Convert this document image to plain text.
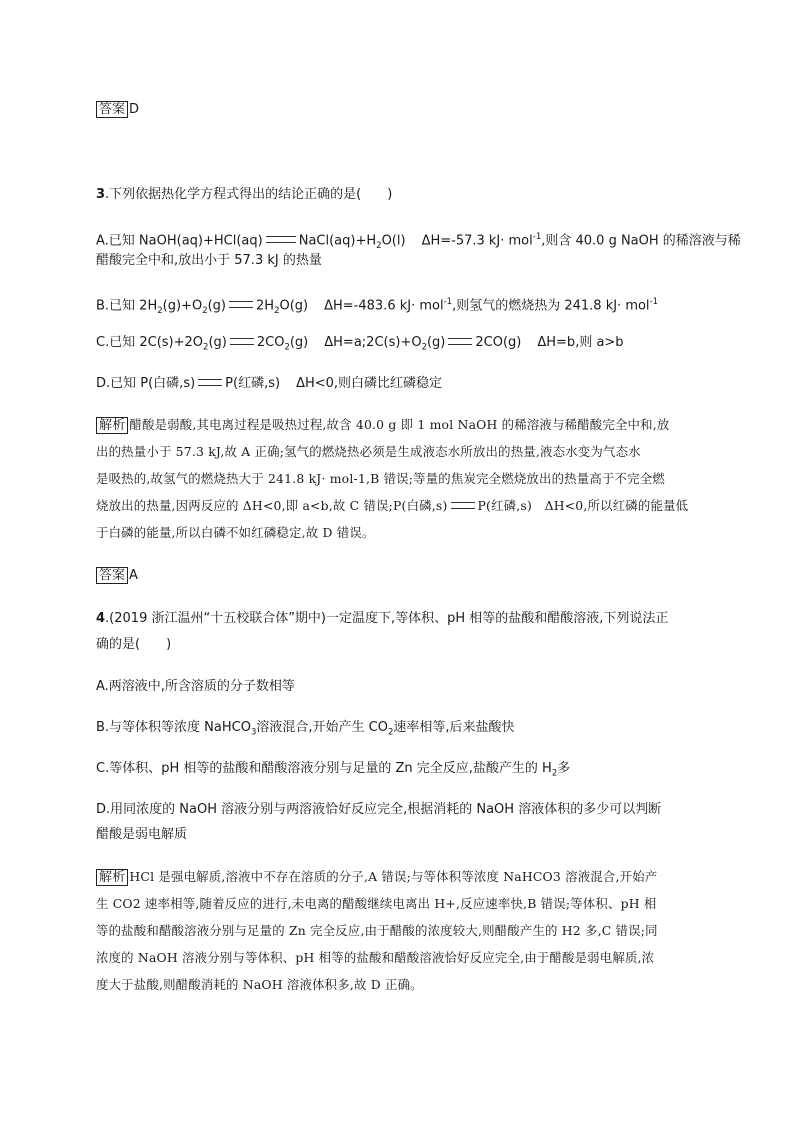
答案 D
3.下列依据热化学方程式得出的结论正确的是(　　)
A.已知 NaOH(aq)+HCl(aq)	$NaCl(aq)+H_2O(l)$ ΔH=-57.3 kJ· mol$^{-1}$,则含 40.0 g NaOH 的稀溶液与稀
醋酸完全中和,放出小于 57.3 kJ 的热量
B.已知 $2H_2(g)+O_2(g)$ $2H_2O(g)$ ΔH=-483.6 kJ· mol$^{-1}$,则氢气的燃烧热为 241.8 kJ· mol$^{-1}$
C.已知 $2C(s)+2O_2(g)$ $2CO_2(g)$ $\Delta H=a;2C(s)+O_2(g)$ 2CO(g) ΔH=b,则 a>b
D.已知 P(白磷,s) P(红磷,s) ΔH<0,则白磷比红磷稳定
解析 醋酸是弱酸,其电离过程是吸热过程,故含 40.0 g 即 1 mol NaOH 的稀溶液与稀醋酸完全中和,放
出的热量小于 57.3 kJ,故 A 正确;氢气的燃烧热必须是生成液态水所放出的热量,液态水变为气态水
是吸热的,故氢气的燃烧热大于 241.8 kJ· mol-1,B 错误;等量的焦炭完全燃烧放出的热量高于不完全燃
烧放出的热量,因两反应的 ΔH<0,即 a<b,故 C 错误;P(白磷,s) P(红磷,s)　ΔH<0,所以红磷的能量低
于白磷的能量,所以白磷不如红磷稳定,故 D 错误。
答案 A
4.(2019 浙江温州“十五校联合体”期中)一定温度下,等体积、pH 相等的盐酸和醋酸溶液,下列说法正
确的是(　　)
A.两溶液中,所含溶质的分子数相等
B.与等体积等浓度 NaHCO$_3$溶液混合,开始产生 $CO_2$速率相等,后来盐酸快
C.等体积、pH 相等的盐酸和醋酸溶液分别与足量的 Zn 完全反应,盐酸产生的 $H_2$多
D.用同浓度的 NaOH 溶液分别与两溶液恰好反应完全,根据消耗的 NaOH 溶液体积的多少可以判断
醋酸是弱电解质
解析 HCl 是强电解质,溶液中不存在溶质的分子,A 错误;与等体积等浓度 NaHCO3 溶液混合,开始产
生 CO2 速率相等,随着反应的进行,未电离的醋酸继续电离出 H+,反应速率快,B 错误;等体积、pH 相
等的盐酸和醋酸溶液分别与足量的 Zn 完全反应,由于醋酸的浓度较大,则醋酸产生的 H2 多,C 错误;同
浓度的 NaOH 溶液分别与等体积、pH 相等的盐酸和醋酸溶液恰好反应完全,由于醋酸是弱电解质,浓
度大于盐酸,则醋酸消耗的 NaOH 溶液体积多,故 D 正确。
